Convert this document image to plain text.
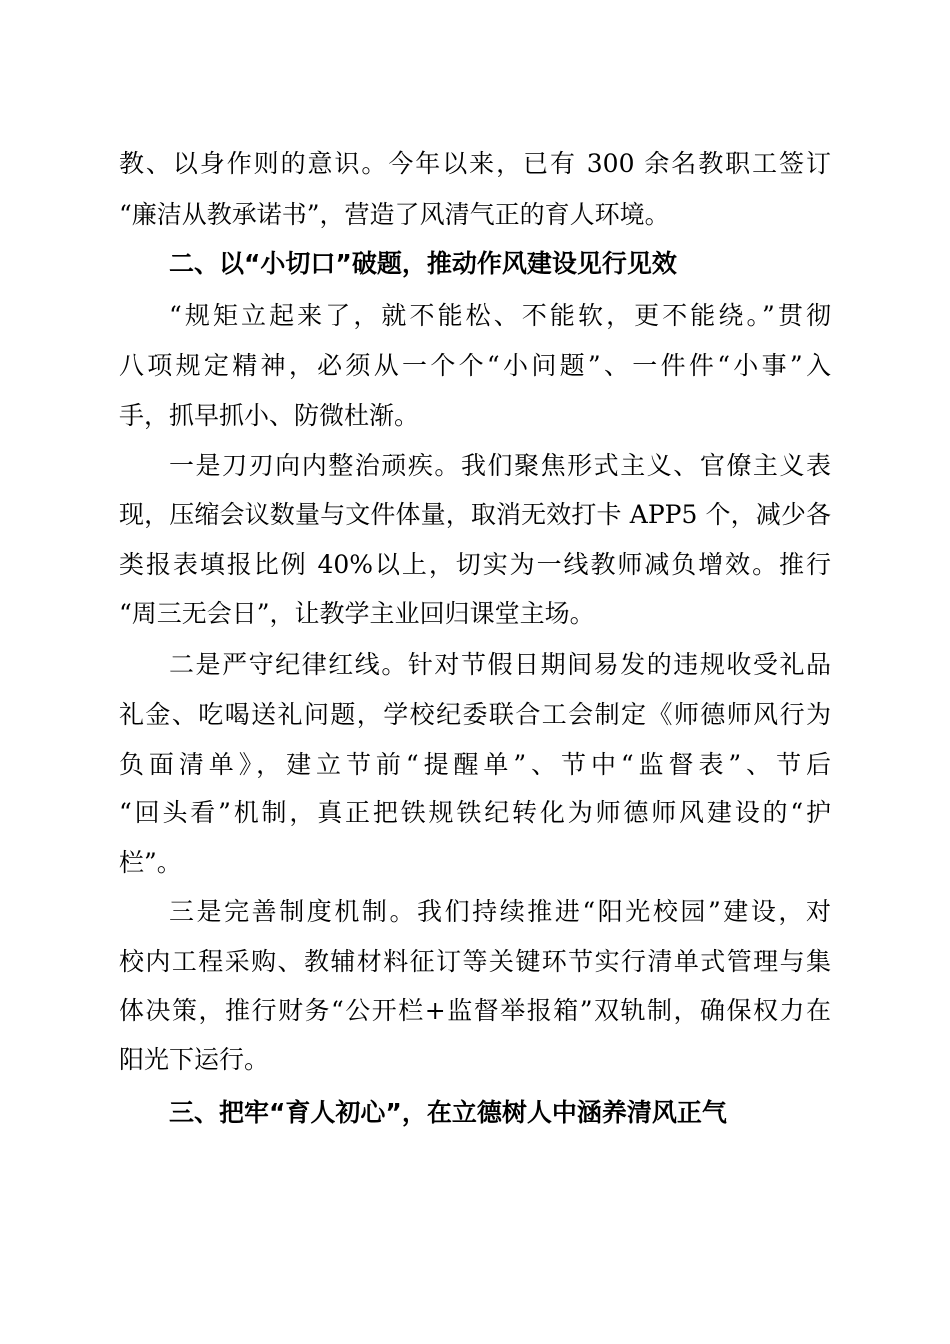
教、以身作则的意识。今年以来，已有 300 余名教职工签订
“廉洁从教承诺书”，营造了风清气正的育人环境。
二、以“小切口”破题，推动作风建设见行见效
“规矩立起来了，就不能松、不能软，更不能绕。”贯彻
八项规定精神，必须从一个个“小问题”、一件件“小事”入
手，抓早抓小、防微杜渐。
一是刀刃向内整治顽疾。我们聚焦形式主义、官僚主义表
现，压缩会议数量与文件体量，取消无效打卡 APP5 个，减少各
类报表填报比例 40%以上，切实为一线教师减负增效。推行
“周三无会日”，让教学主业回归课堂主场。
二是严守纪律红线。针对节假日期间易发的违规收受礼品
礼金、吃喝送礼问题，学校纪委联合工会制定《师德师风行为
负面清单》，建立节前“提醒单”、节中“监督表”、节后
“回头看”机制，真正把铁规铁纪转化为师德师风建设的“护
栏”。
三是完善制度机制。我们持续推进“阳光校园”建设，对
校内工程采购、教辅材料征订等关键环节实行清单式管理与集
体决策，推行财务“公开栏+监督举报箱”双轨制，确保权力在
阳光下运行。
三、把牢“育人初心”，在立德树人中涵养清风正气
